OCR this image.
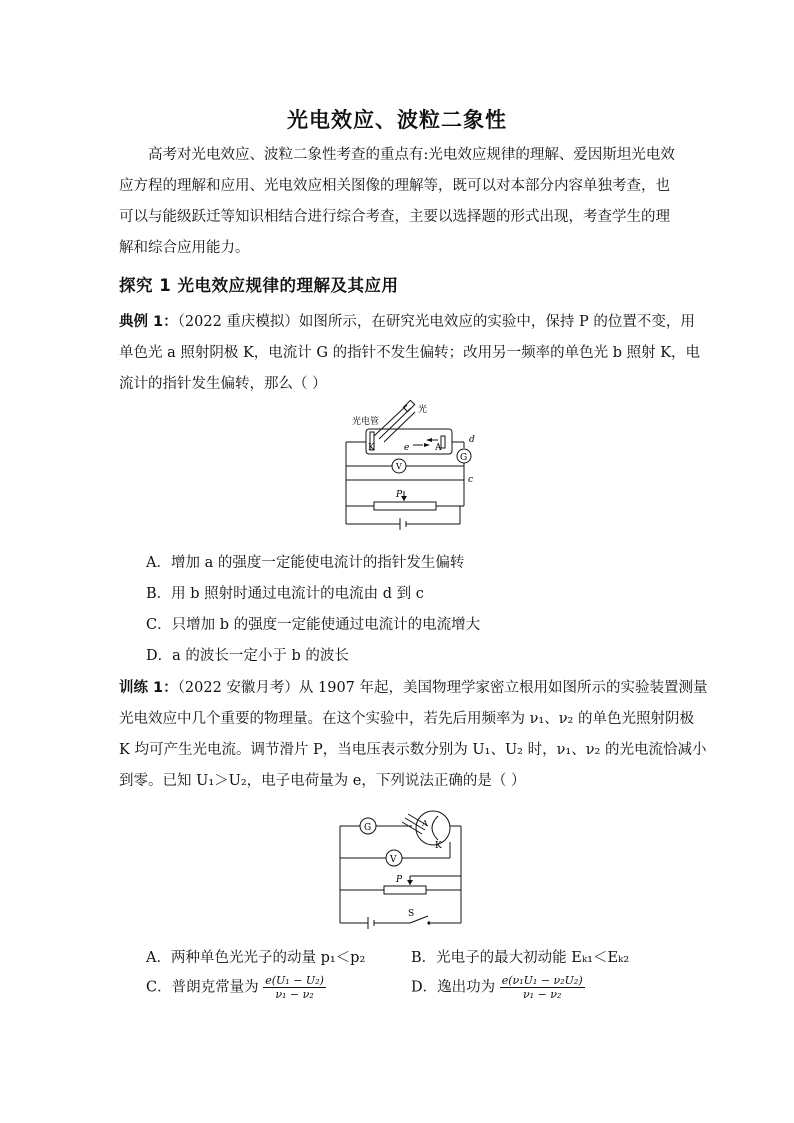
光电效应、波粒二象性
高考对光电效应、波粒二象性考查的重点有:光电效应规律的理解、爱因斯坦光电效应方程的理解和应用、光电效应相关图像的理解等，既可以对本部分内容单独考查，也可以与能级跃迁等知识相结合进行综合考查，主要以选择题的形式出现，考查学生的理解和综合应用能力。
探究 1 光电效应规律的理解及其应用
典例 1：（2022 重庆模拟）如图所示，在研究光电效应的实验中，保持 P 的位置不变，用
单色光 a 照射阴极 K，电流计 G 的指针不发生偏转；改用另一频率的单色光 b 照射 K，电
流计的指针发生偏转，那么（ ）
光电管
光
K	e	A
d
G
V
c
P
A．增加 a 的强度一定能使电流计的指针发生偏转
B．用 b 照射时通过电流计的电流由 d 到 c
C．只增加 b 的强度一定能使通过电流计的电流增大
D．a 的波长一定小于 b 的波长
训练 1：（2022 安徽月考）从 1907 年起，美国物理学家密立根用如图所示的实验装置测量
光电效应中几个重要的物理量。在这个实验中，若先后用频率为 ν₁、ν₂ 的单色光照射阴极
K 均可产生光电流。调节滑片 P，当电压表示数分别为 U₁、U₂ 时，ν₁、ν₂ 的光电流恰减小
到零。已知 U₁＞U₂，电子电荷量为 e，下列说法正确的是（ ）
G	A
K
V
P
S
A．两种单色光光子的动量 p₁＜p₂	B．光电子的最大初动能 Eₖ₁＜Eₖ₂
C．普朗克常量为 $\frac{\text{e(U₁ − U₂)}}{\text{ν₁ − ν₂}}$	D．逸出功为 $\frac{\text{e(ν₁U₁ − ν₂U₂)}}{\text{ν₁ − ν₂}}$
